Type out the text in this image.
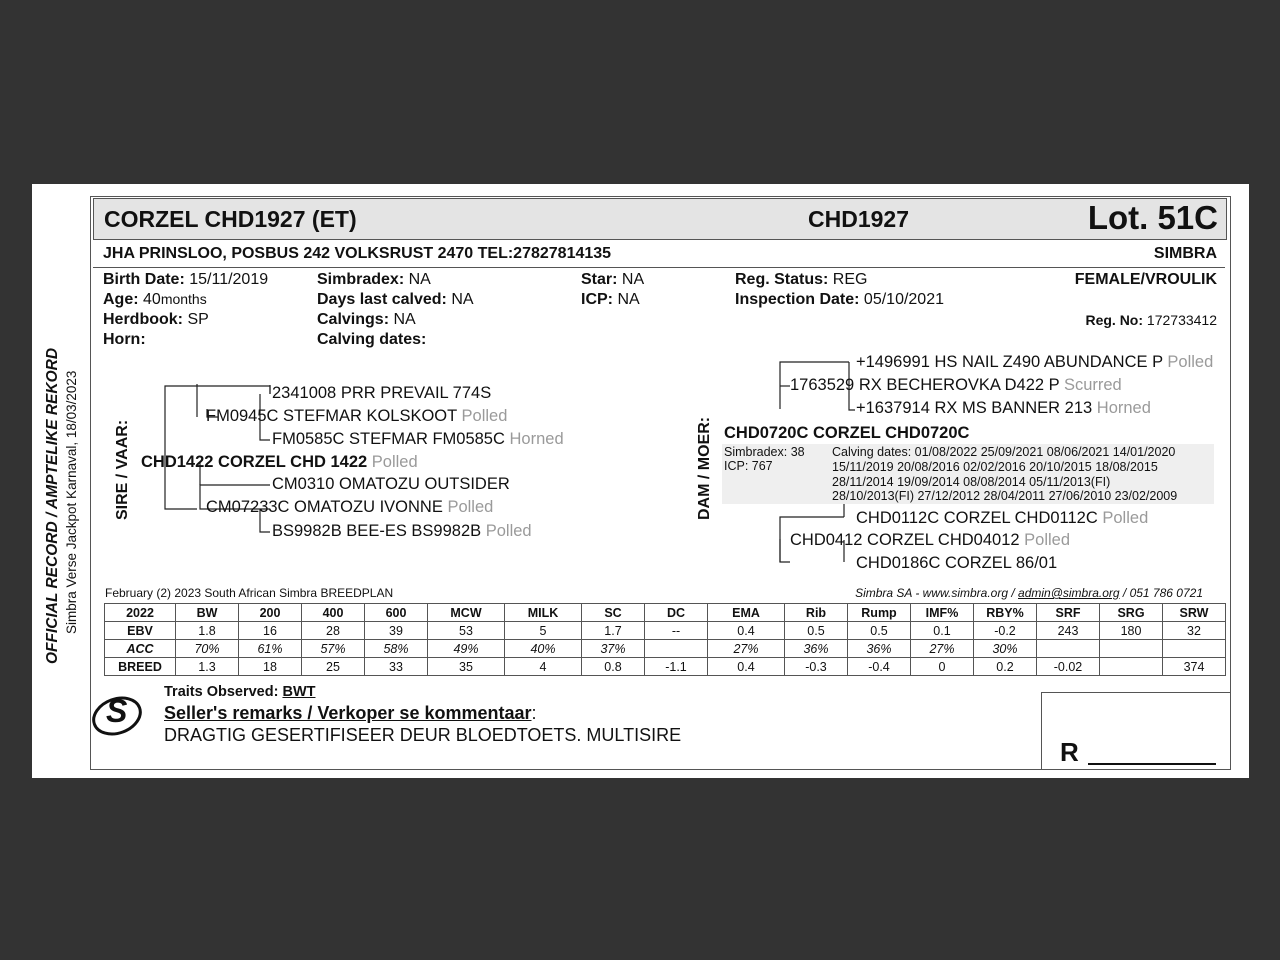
OFFICIAL RECORD / AMPTELIKE REKORD Simbra Verse Jackpot Karnaval, 18/03/2023
CORZEL CHD1927 (ET)	CHD1927	Lot. 51C
JHA PRINSLOO, POSBUS 242 VOLKSRUST 2470 TEL:27827814135	SIMBRA
Birth Date: 15/11/2019
Age: 40months
Herdbook: SP
Horn:
Simbradex: NA
Days last calved: NA
Calvings: NA
Calving dates:
Star: NA
ICP: NA
Reg. Status: REG
Inspection Date: 05/10/2021
FEMALE/VROULIK
Reg. No: 172733412
SIRE / VAAR:
2341008 PRR PREVAIL 774S
FM0945C STEFMAR KOLSKOOT Polled
FM0585C STEFMAR FM0585C Horned
CHD1422 CORZEL CHD 1422 Polled
CM0310 OMATOZU OUTSIDER
CM07233C OMATOZU IVONNE Polled
BS9982B BEE-ES BS9982B Polled
DAM / MOER:
+1496991 HS NAIL Z490 ABUNDANCE P Polled
1763529 RX BECHEROVKA D422 P Scurred
+1637914 RX MS BANNER 213 Horned
CHD0720C CORZEL CHD0720C
Simbradex: 38
ICP: 767
Calving dates: 01/08/2022 25/09/2021 08/06/2021 14/01/2020
15/11/2019 20/08/2016 02/02/2016 20/10/2015 18/08/2015
28/11/2014 19/09/2014 08/08/2014 05/11/2013(FI)
28/10/2013(FI) 27/12/2012 28/04/2011 27/06/2010 23/02/2009
CHD0112C CORZEL CHD0112C Polled
CHD0412 CORZEL CHD04012 Polled
CHD0186C CORZEL 86/01
February (2) 2023 South African Simbra BREEDPLAN	Simbra SA - www.simbra.org / admin@simbra.org / 051 786 0721
2022	BW	200	400	600	MCW	MILK	SC	DC	EMA	Rib	Rump	IMF%	RBY%	SRF	SRG	SRW
EBV	1.8	16	28	39	53	5	1.7	--	0.4	0.5	0.5	0.1	-0.2	243	180	32
ACC	70%	61%	57%	58%	49%	40%	37%		27%	36%	36%	27%	30%			
BREED	1.3	18	25	33	35	4	0.8	-1.1	0.4	-0.3	-0.4	0	0.2	-0.02		374
S
Traits Observed: BWT
Seller's remarks / Verkoper se kommentaar:
DRAGTIG GESERTIFISEER DEUR BLOEDTOETS. MULTISIRE
R
